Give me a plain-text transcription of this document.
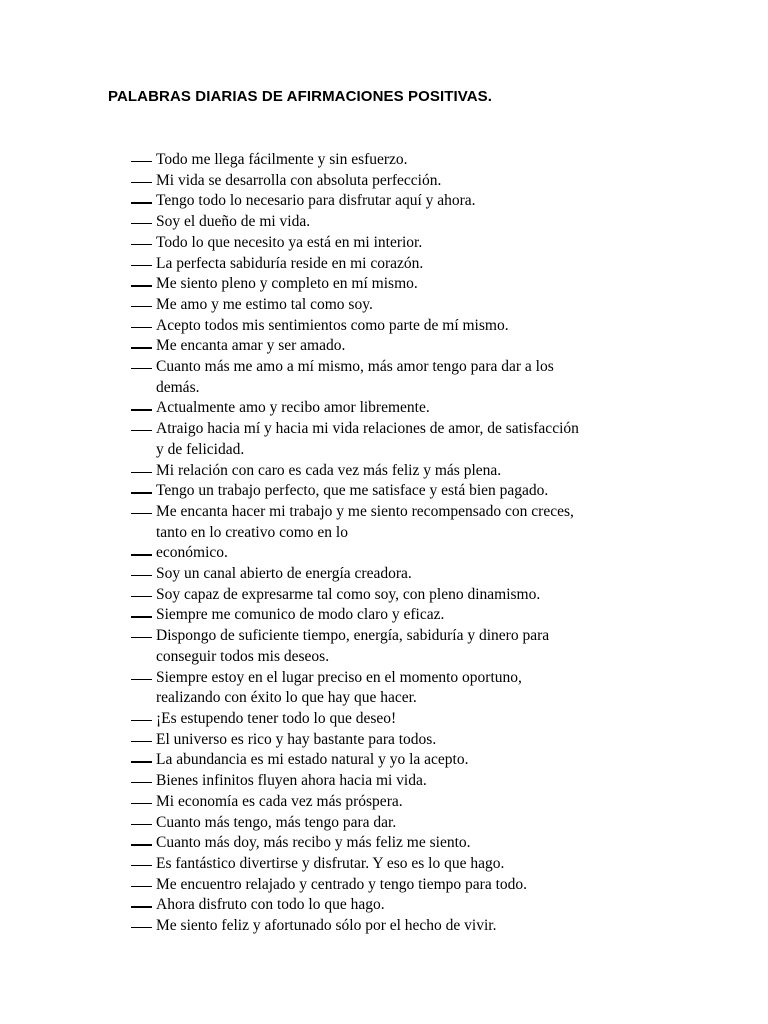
PALABRAS DIARIAS DE AFIRMACIONES POSITIVAS.
Todo me llega fácilmente y sin esfuerzo.
Mi vida se desarrolla con absoluta perfección.
Tengo todo lo necesario para disfrutar aquí y ahora.
Soy el dueño de mi vida.
Todo lo que necesito ya está en mi interior.
La perfecta sabiduría reside en mi corazón.
Me siento pleno y completo en mí mismo.
Me amo y me estimo tal como soy.
Acepto todos mis sentimientos como parte de mí mismo.
Me encanta amar y ser amado.
Cuanto más me amo a mí mismo, más amor tengo para dar a los
demás.
Actualmente amo y recibo amor libremente.
Atraigo hacia mí y hacia mi vida relaciones de amor, de satisfacción
y de felicidad.
Mi relación con caro es cada vez más feliz y más plena.
Tengo un trabajo perfecto, que me satisface y está bien pagado.
Me encanta hacer mi trabajo y me siento recompensado con creces,
tanto en lo creativo como en lo
económico.
Soy un canal abierto de energía creadora.
Soy capaz de expresarme tal como soy, con pleno dinamismo.
Siempre me comunico de modo claro y eficaz.
Dispongo de suficiente tiempo, energía, sabiduría y dinero para
conseguir todos mis deseos.
Siempre estoy en el lugar preciso en el momento oportuno,
realizando con éxito lo que hay que hacer.
¡Es estupendo tener todo lo que deseo!
El universo es rico y hay bastante para todos.
La abundancia es mi estado natural y yo la acepto.
Bienes infinitos fluyen ahora hacia mi vida.
Mi economía es cada vez más próspera.
Cuanto más tengo, más tengo para dar.
Cuanto más doy, más recibo y más feliz me siento.
Es fantástico divertirse y disfrutar. Y eso es lo que hago.
Me encuentro relajado y centrado y tengo tiempo para todo.
Ahora disfruto con todo lo que hago.
Me siento feliz y afortunado sólo por el hecho de vivir.
